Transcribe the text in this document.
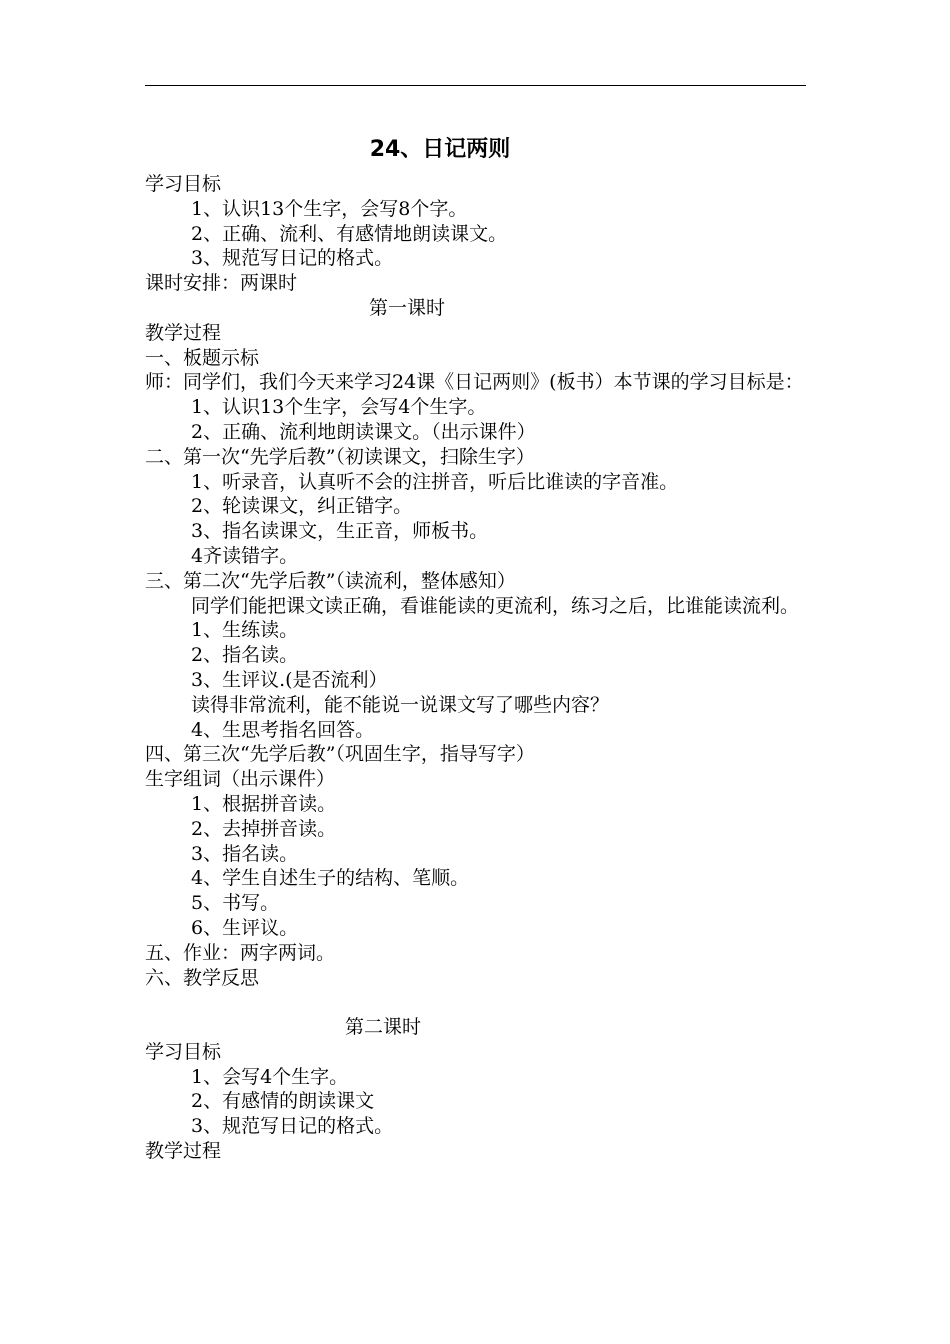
24、日记两则
学习目标
1、认识13个生字，会写8个字。
2、正确、流利、有感情地朗读课文。
3、规范写日记的格式。
课时安排：两课时
第一课时
教学过程
一、板题示标
师：同学们，我们今天来学习24课《日记两则》(板书）本节课的学习目标是：
1、认识13个生字，会写4个生字。
2、正确、流利地朗读课文。（出示课件）
二、第一次“先学后教”（初读课文，扫除生字）
1、听录音，认真听不会的注拼音，听后比谁读的字音准。
2、轮读课文，纠正错字。
3、指名读课文，生正音，师板书。
4齐读错字。
三、第二次“先学后教”（读流利，整体感知）
同学们能把课文读正确，看谁能读的更流利，练习之后，比谁能读流利。
1、生练读。
2、指名读。
3、生评议.(是否流利）
读得非常流利，能不能说一说课文写了哪些内容？
4、生思考指名回答。
四、第三次“先学后教”（巩固生字，指导写字）
生字组词（出示课件）
1、根据拼音读。
2、去掉拼音读。
3、指名读。
4、学生自述生子的结构、笔顺。
5、书写。
6、生评议。
五、作业：两字两词。
六、教学反思
第二课时
学习目标
1、会写4个生字。
2、有感情的朗读课文
3、规范写日记的格式。
教学过程
